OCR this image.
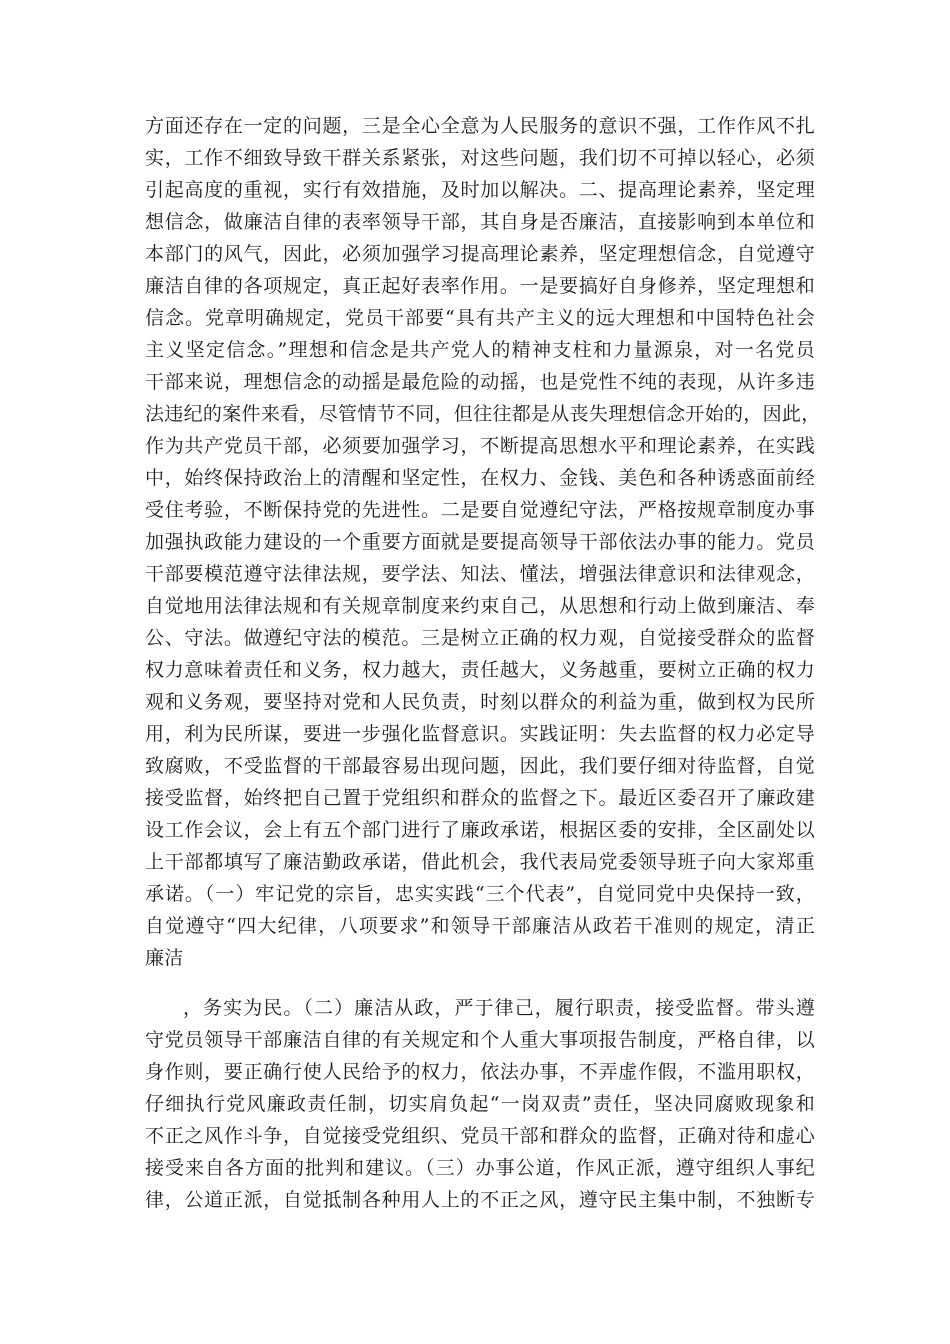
方面还存在一定的问题，三是全心全意为人民服务的意识不强，工作作风不扎
实，工作不细致导致干群关系紧张，对这些问题，我们切不可掉以轻心，必须
引起高度的重视，实行有效措施，及时加以解决。二、提高理论素养，坚定理
想信念，做廉洁自律的表率领导干部，其自身是否廉洁，直接影响到本单位和
本部门的风气，因此，必须加强学习提高理论素养，坚定理想信念，自觉遵守
廉洁自律的各项规定，真正起好表率作用。一是要搞好自身修养，坚定理想和
信念。党章明确规定，党员干部要“具有共产主义的远大理想和中国特色社会
主义坚定信念。”理想和信念是共产党人的精神支柱和力量源泉，对一名党员
干部来说，理想信念的动摇是最危险的动摇，也是党性不纯的表现，从许多违
法违纪的案件来看，尽管情节不同，但往往都是从丧失理想信念开始的，因此，
作为共产党员干部，必须要加强学习，不断提高思想水平和理论素养，在实践
中，始终保持政治上的清醒和坚定性，在权力、金钱、美色和各种诱惑面前经
受住考验，不断保持党的先进性。二是要自觉遵纪守法，严格按规章制度办事
加强执政能力建设的一个重要方面就是要提高领导干部依法办事的能力。党员
干部要模范遵守法律法规，要学法、知法、懂法，增强法律意识和法律观念，
自觉地用法律法规和有关规章制度来约束自己，从思想和行动上做到廉洁、奉
公、守法。做遵纪守法的模范。三是树立正确的权力观，自觉接受群众的监督
权力意味着责任和义务，权力越大，责任越大，义务越重，要树立正确的权力
观和义务观，要坚持对党和人民负责，时刻以群众的利益为重，做到权为民所
用，利为民所谋，要进一步强化监督意识。实践证明：失去监督的权力必定导
致腐败，不受监督的干部最容易出现问题，因此，我们要仔细对待监督，自觉
接受监督，始终把自己置于党组织和群众的监督之下。最近区委召开了廉政建
设工作会议，会上有五个部门进行了廉政承诺，根据区委的安排，全区副处以
上干部都填写了廉洁勤政承诺，借此机会，我代表局党委领导班子向大家郑重
承诺。（一）牢记党的宗旨，忠实实践“三个代表”，自觉同党中央保持一致，
自觉遵守“四大纪律，八项要求”和领导干部廉洁从政若干准则的规定，清正
廉洁
，务实为民。（二）廉洁从政，严于律己，履行职责，接受监督。带头遵
守党员领导干部廉洁自律的有关规定和个人重大事项报告制度，严格自律，以
身作则，要正确行使人民给予的权力，依法办事，不弄虚作假，不滥用职权，
仔细执行党风廉政责任制，切实肩负起“一岗双责”责任，坚决同腐败现象和
不正之风作斗争，自觉接受党组织、党员干部和群众的监督，正确对待和虚心
接受来自各方面的批判和建议。（三）办事公道，作风正派，遵守组织人事纪
律，公道正派，自觉抵制各种用人上的不正之风，遵守民主集中制，不独断专
